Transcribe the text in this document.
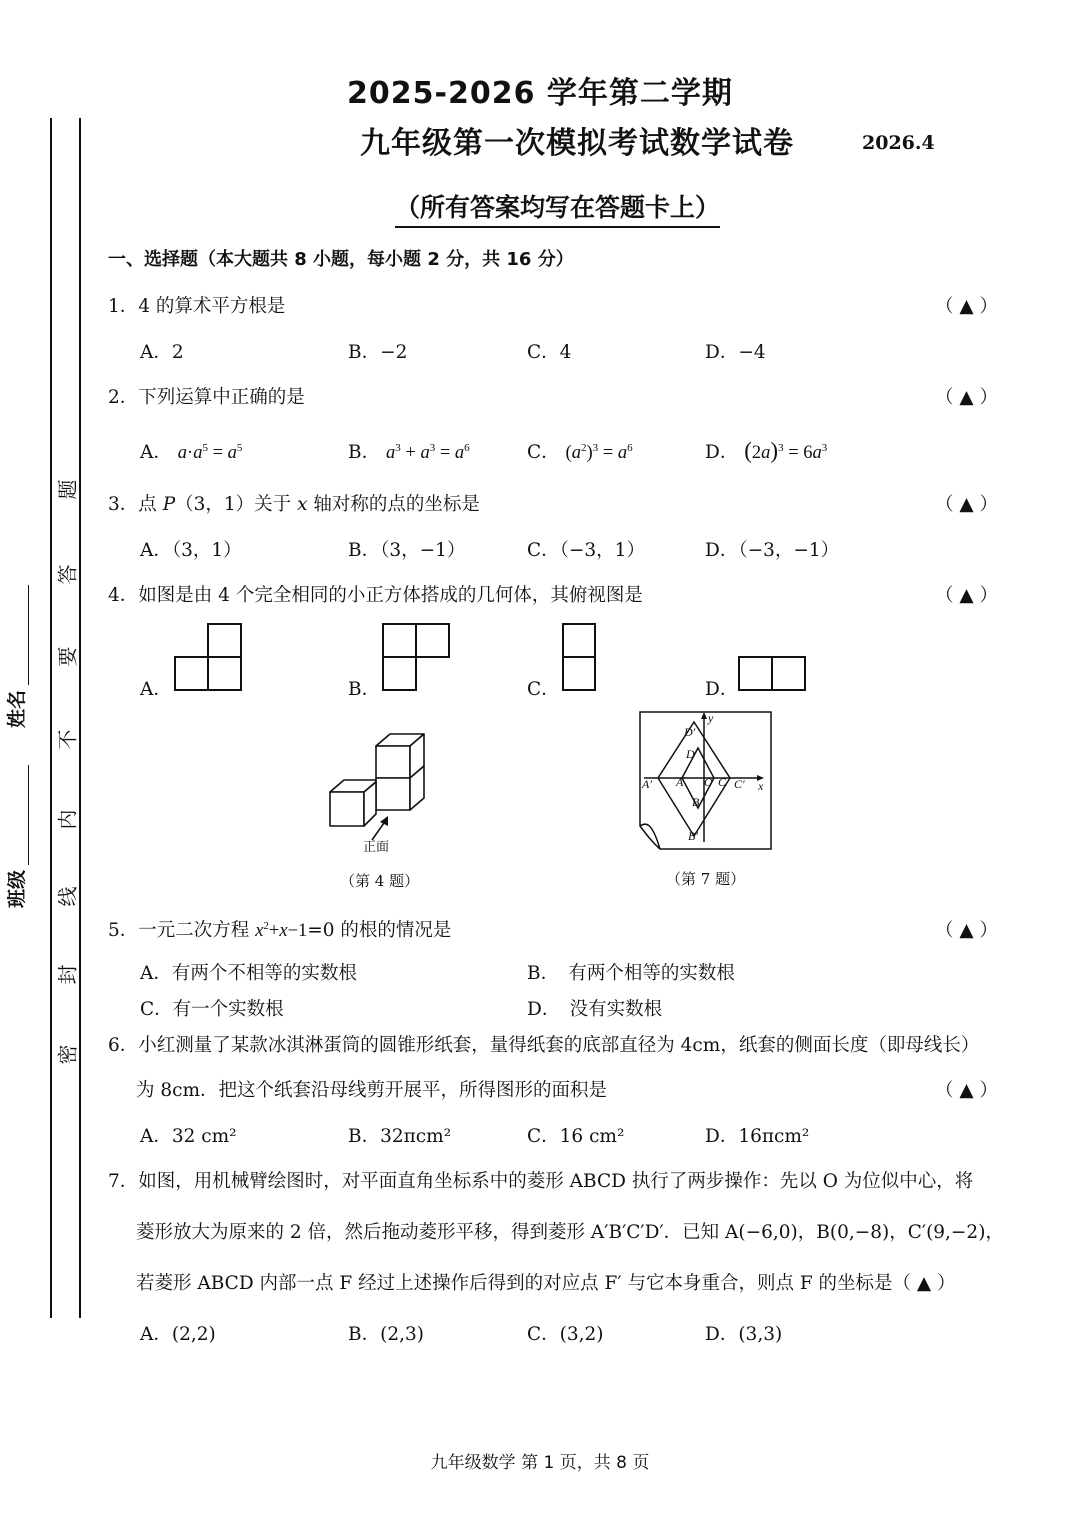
密
封
线
内
不
要
答
题
姓名
班级
2025-2026 学年第二学期
九年级第一次模拟考试数学试卷	2026.4
（所有答案均写在答题卡上）
一、选择题（本大题共 8 小题，每小题 2 分，共 16 分）
1．4 的算术平方根是	（ ▲ ）
A．2	B．−2	C．4	D．−4
2．下列运算中正确的是	（ ▲ ）
A． $a\cdot a^5 = a^5$	B． $a^3 + a^3 = a^6$	C． $(a^2)^3 = a^6$	D． $(2a)^3 = 6a^3$
3．点 P（3，1）关于 x 轴对称的点的坐标是	（ ▲ ）
A．（3，1）	B．（3，−1）	C．（−3，1）	D．（−3，−1）
4．如图是由 4 个完全相同的小正方体搭成的几何体，其俯视图是	（ ▲ ）
A．	B．	C．	D．
正面
（第 4 题）
y
x
D′
D
A′ A O C C′
B
B′
（第 7 题）
5．一元二次方程 $x^2+x-1=0$ 的根的情况是	（ ▲ ）
A．有两个不相等的实数根	B．　有两个相等的实数根
C．有一个实数根	D．　没有实数根
6．小红测量了某款冰淇淋蛋筒的圆锥形纸套，量得纸套的底部直径为 4cm，纸套的侧面长度（即母线长）
为 8cm．把这个纸套沿母线剪开展平，所得图形的面积是	（ ▲ ）
A．32 cm²	B．32πcm²	C．16 cm²	D．16πcm²
7．如图，用机械臂绘图时，对平面直角坐标系中的菱形 ABCD 执行了两步操作：先以 O 为位似中心，将
菱形放大为原来的 2 倍，然后拖动菱形平移，得到菱形 A′B′C′D′．已知 A(−6,0)，B(0,−8)，C′(9,−2)，
若菱形 ABCD 内部一点 F 经过上述操作后得到的对应点 F′ 与它本身重合，则点 F 的坐标是（ ▲ ）
A．(2,2)	B．(2,3)	C．(3,2)	D．(3,3)
九年级数学 第 1 页，共 8 页
